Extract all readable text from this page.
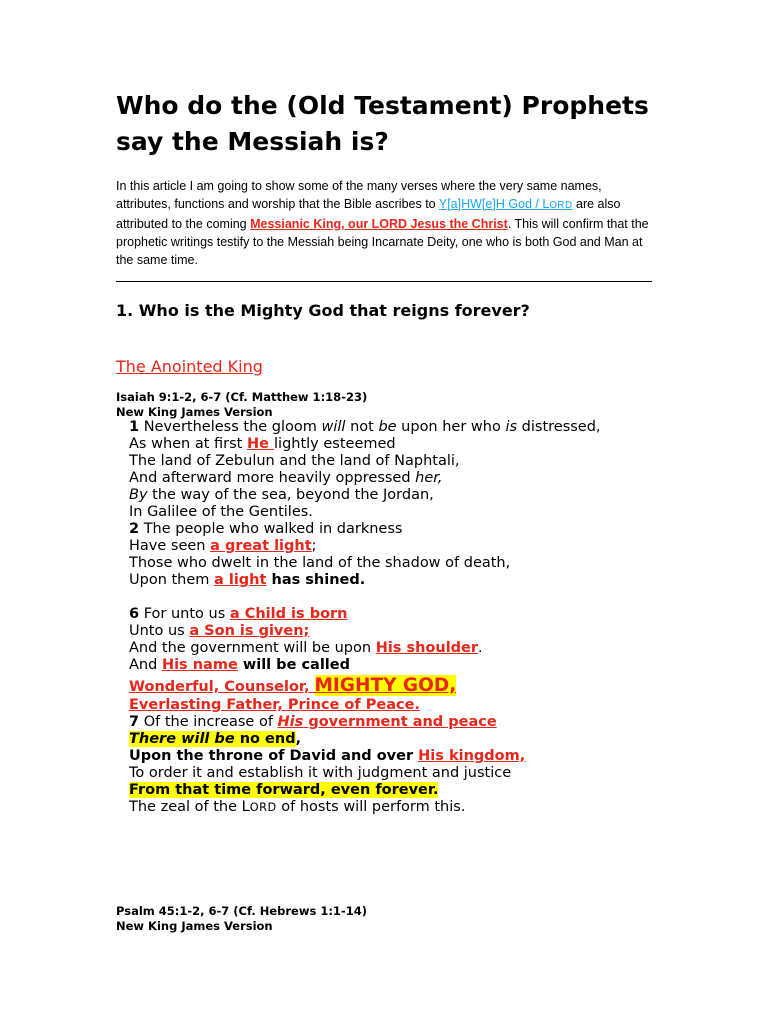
Who do the (Old Testament) Prophets say the Messiah is?

In this article I am going to show some of the many verses where the very same names, attributes, functions and worship that the Bible ascribes to Y[a]HW[e]H God / LORD are also attributed to the coming Messianic King, our LORD Jesus the Christ. This will confirm that the prophetic writings testify to the Messiah being Incarnate Deity, one who is both God and Man at the same time.

1. Who is the Mighty God that reigns forever?
The Anointed King
Isaiah 9:1-2, 6-7 (Cf. Matthew 1:18-23)
New King James Version
1 Nevertheless the gloom will not be upon her who is distressed,
As when at first He lightly esteemed
The land of Zebulun and the land of Naphtali,
And afterward more heavily oppressed her,
By the way of the sea, beyond the Jordan,
In Galilee of the Gentiles.
2 The people who walked in darkness
Have seen a great light;
Those who dwelt in the land of the shadow of death,
Upon them a light has shined.
6 For unto us a Child is born
Unto us a Son is given;
And the government will be upon His shoulder.
And His name will be called
Wonderful, Counselor, MIGHTY GOD,
Everlasting Father, Prince of Peace.
7 Of the increase of His government and peace
There will be no end,
Upon the throne of David and over His kingdom,
To order it and establish it with judgment and justice
From that time forward, even forever.
The zeal of the LORD of hosts will perform this.
Psalm 45:1-2, 6-7 (Cf. Hebrews 1:1-14)
New King James Version
